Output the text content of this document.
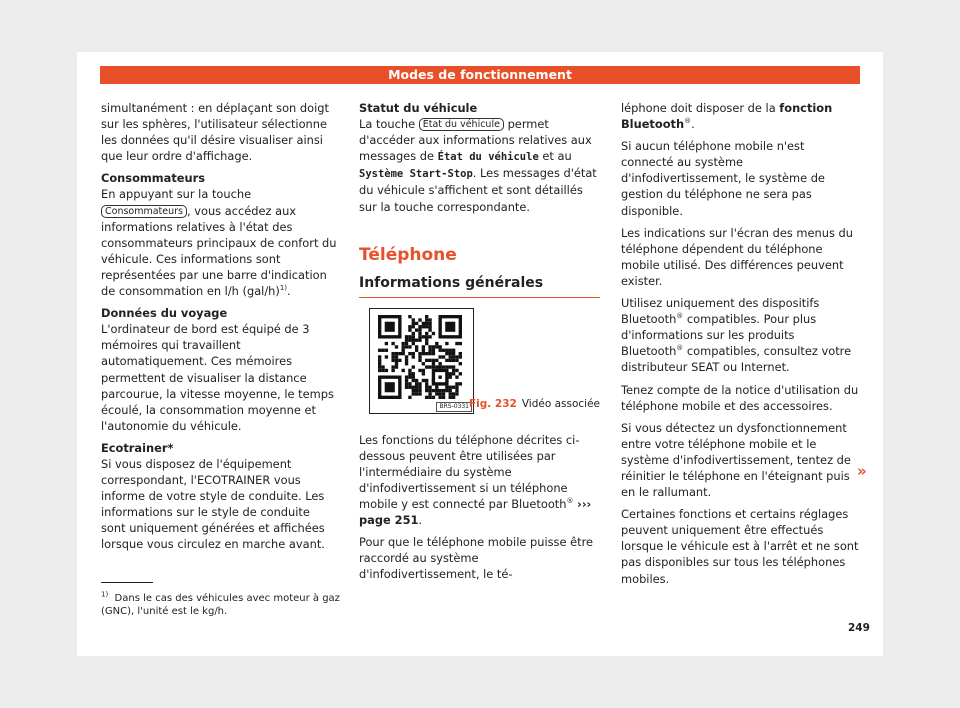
Modes de fonctionnement

simultanément : en déplaçant son doigt sur les sphères, l'utilisateur sélectionne les données qu'il désire visualiser ainsi que leur ordre d'affichage.

Consommateurs

En appuyant sur la touche Consommateurs , vous accédez aux informations relatives à l'état des consommateurs principaux de confort du véhicule. Ces informations sont représentées par une barre d'indication de consommation en l/h $(gal/h)^{1)}$.

Données du voyage

L'ordinateur de bord est équipé de 3 mémoires qui travaillent automatiquement. Ces mémoires permettent de visualiser la distance parcourue, la vitesse moyenne, le temps écoulé, la consommation moyenne et l'autonomie du véhicule.

Ecotrainer*

Si vous disposez de l'équipement correspondant, l'ECOTRAINER vous informe de votre style de conduite. Les informations sur le style de conduite sont uniquement générées et affichées lorsque vous circulez en marche avant.

Statut du véhicule

La touche État du véhicule permet d'accéder aux informations relatives aux messages de État du véhicule et au Système Start-Stop. Les messages d'état du véhicule s'affichent et sont détaillés sur la touche correspondante.

Téléphone
Informations générales
BRS-0331 Fig. 232 Vidéo associée

Les fonctions du téléphone décrites ci-dessous peuvent être utilisées par l'intermédiaire du système d'infodivertissement si un téléphone mobile y est connecté par Bluetooth® ››› page 251.

Pour que le téléphone mobile puisse être raccordé au système d'infodivertissement, le té-

léphone doit disposer de la fonction Bluetooth®.

Si aucun téléphone mobile n'est connecté au système d'infodivertissement, le système de gestion du téléphone ne sera pas disponible.

Les indications sur l'écran des menus du téléphone dépendent du téléphone mobile utilisé. Des différences peuvent exister.

Utilisez uniquement des dispositifs Bluetooth® compatibles. Pour plus d'informations sur les produits Bluetooth® compatibles, consultez votre distributeur SEAT ou Internet.

Tenez compte de la notice d'utilisation du téléphone mobile et des accessoires.

Si vous détectez un dysfonctionnement entre votre téléphone mobile et le système d'infodivertissement, tentez de réinitier le téléphone en l'éteignant puis en le rallumant.

Certaines fonctions et certains réglages peuvent uniquement être effectués lorsque le véhicule est à l'arrêt et ne sont pas disponibles sur tous les téléphones mobiles.

»
$^{1)}$ Dans le cas des véhicules avec moteur à gaz (GNC), l'unité est le kg/h.
249
